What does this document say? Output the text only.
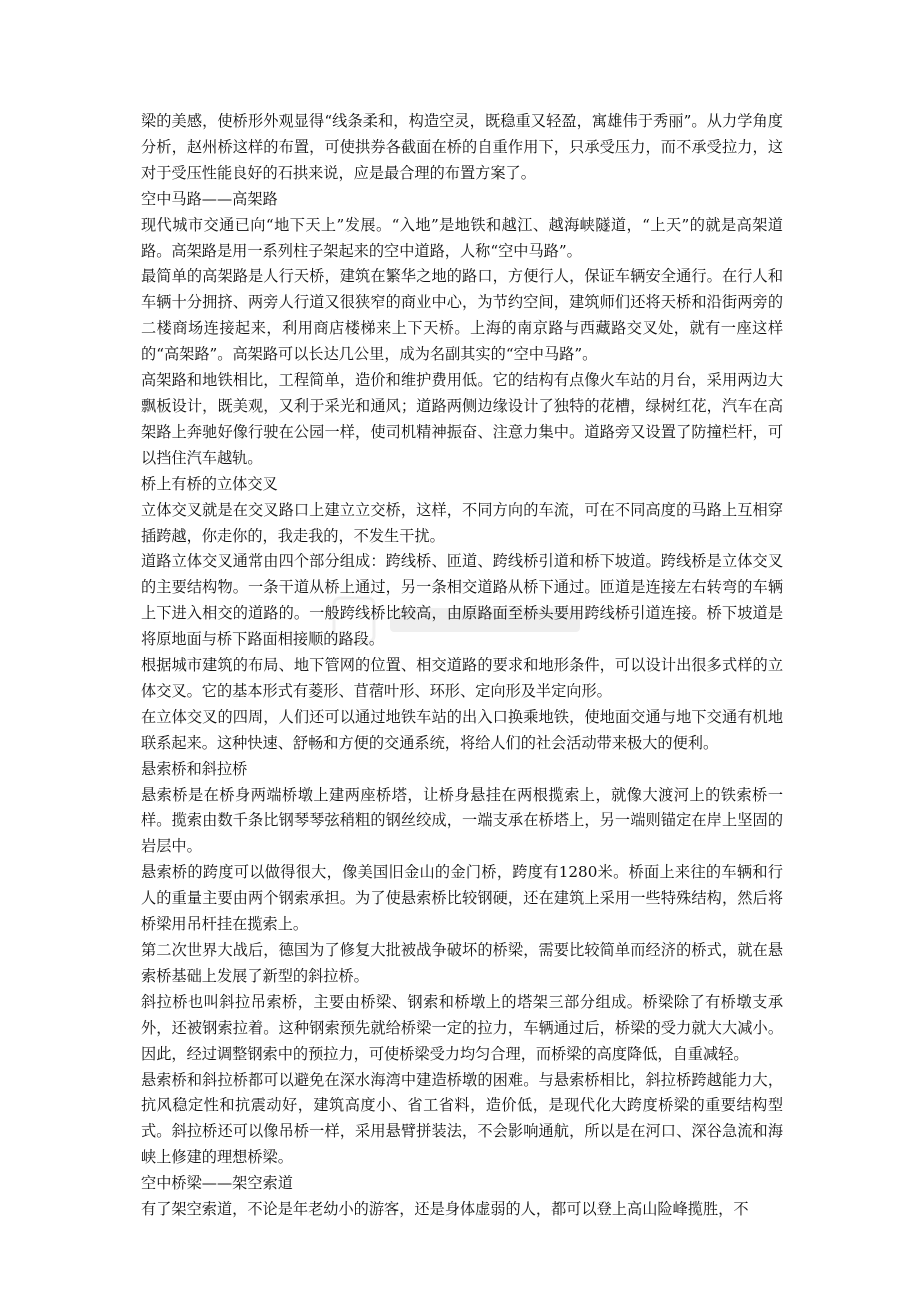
梁的美感，使桥形外观显得“线条柔和，构造空灵，既稳重又轻盈，寓雄伟于秀丽”。从力学角度分析，赵州桥这样的布置，可使拱券各截面在桥的自重作用下，只承受压力，而不承受拉力，这对于受压性能良好的石拱来说，应是最合理的布置方案了。

空中马路——高架路

现代城市交通已向“地下天上”发展。“入地”是地铁和越江、越海峡隧道，“上天”的就是高架道路。高架路是用一系列柱子架起来的空中道路，人称“空中马路”。

最简单的高架路是人行天桥，建筑在繁华之地的路口，方便行人，保证车辆安全通行。在行人和车辆十分拥挤、两旁人行道又很狭窄的商业中心，为节约空间，建筑师们还将天桥和沿街两旁的二楼商场连接起来，利用商店楼梯来上下天桥。上海的南京路与西藏路交叉处，就有一座这样的“高架路”。高架路可以长达几公里，成为名副其实的“空中马路”。

高架路和地铁相比，工程简单，造价和维护费用低。它的结构有点像火车站的月台，采用两边大飘板设计，既美观，又利于采光和通风；道路两侧边缘设计了独特的花槽，绿树红花，汽车在高架路上奔驰好像行驶在公园一样，使司机精神振奋、注意力集中。道路旁又设置了防撞栏杆，可以挡住汽车越轨。

桥上有桥的立体交叉

立体交叉就是在交叉路口上建立立交桥，这样，不同方向的车流，可在不同高度的马路上互相穿插跨越，你走你的，我走我的，不发生干扰。

道路立体交叉通常由四个部分组成：跨线桥、匝道、跨线桥引道和桥下坡道。跨线桥是立体交叉的主要结构物。一条干道从桥上通过，另一条相交道路从桥下通过。匝道是连接左右转弯的车辆上下进入相交的道路的。一般跨线桥比较高，由原路面至桥头要用跨线桥引道连接。桥下坡道是将原地面与桥下路面相接顺的路段。

根据城市建筑的布局、地下管网的位置、相交道路的要求和地形条件，可以设计出很多式样的立体交叉。它的基本形式有菱形、苜蓿叶形、环形、定向形及半定向形。

在立体交叉的四周，人们还可以通过地铁车站的出入口换乘地铁，使地面交通与地下交通有机地联系起来。这种快速、舒畅和方便的交通系统，将给人们的社会活动带来极大的便利。

悬索桥和斜拉桥

悬索桥是在桥身两端桥墩上建两座桥塔，让桥身悬挂在两根揽索上，就像大渡河上的铁索桥一样。揽索由数千条比钢琴琴弦稍粗的钢丝绞成，一端支承在桥塔上，另一端则锚定在岸上坚固的岩层中。

悬索桥的跨度可以做得很大，像美国旧金山的金门桥，跨度有1280米。桥面上来往的车辆和行人的重量主要由两个钢索承担。为了使悬索桥比较钢硬，还在建筑上采用一些特殊结构，然后将桥梁用吊杆挂在揽索上。

第二次世界大战后，德国为了修复大批被战争破坏的桥梁，需要比较简单而经济的桥式，就在悬索桥基础上发展了新型的斜拉桥。

斜拉桥也叫斜拉吊索桥，主要由桥梁、钢索和桥墩上的塔架三部分组成。桥梁除了有桥墩支承外，还被钢索拉着。这种钢索预先就给桥梁一定的拉力，车辆通过后，桥梁的受力就大大减小。因此，经过调整钢索中的预拉力，可使桥梁受力均匀合理，而桥梁的高度降低，自重减轻。

悬索桥和斜拉桥都可以避免在深水海湾中建造桥墩的困难。与悬索桥相比，斜拉桥跨越能力大，抗风稳定性和抗震动好，建筑高度小、省工省料，造价低，是现代化大跨度桥梁的重要结构型式。斜拉桥还可以像吊桥一样，采用悬臂拼装法，不会影响通航，所以是在河口、深谷急流和海峡上修建的理想桥梁。

空中桥梁——架空索道

有了架空索道，不论是年老幼小的游客，还是身体虚弱的人，都可以登上高山险峰揽胜，不
